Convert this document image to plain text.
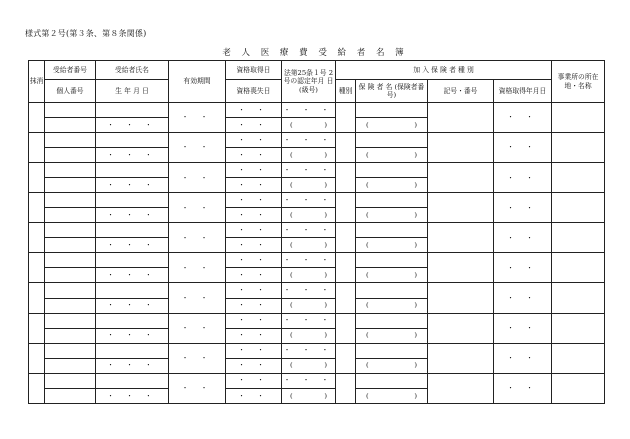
様式第２号(第３条、第８条関係)
老 人 医 療 費 受 給 者 名 簿
抹消	受給者番号	受給者氏名	有効期間	資格取得日	法第25条１号 2号の認定年月 日(級号)	加 入 保 険 者 種 別				事業所の所在地・名称
	個人番号	生 年 月 日		資格喪失日		種別	保 険 者 名 (保険者番号)	記号・番号	資格取得年月日	
			・ ・	・ ・	・ ・ ・				・ ・	
		・ ・ ・		・ ・	( )		( )			

			・ ・	・ ・	・ ・ ・				・ ・	
		・ ・ ・		・ ・	( )		( )			

			・ ・	・ ・	・ ・ ・				・ ・	
		・ ・ ・		・ ・	( )		( )			

			・ ・	・ ・	・ ・ ・				・ ・	
		・ ・ ・		・ ・	( )		( )			

			・ ・	・ ・	・ ・ ・				・ ・	
		・ ・ ・		・ ・	( )		( )			

			・ ・	・ ・	・ ・ ・				・ ・	
		・ ・ ・		・ ・	( )		( )			

			・ ・	・ ・	・ ・ ・				・ ・	
		・ ・ ・		・ ・	( )		( )			

			・ ・	・ ・	・ ・ ・				・ ・	
		・ ・ ・		・ ・	( )		( )			

			・ ・	・ ・	・ ・ ・				・ ・	
		・ ・ ・		・ ・	( )		( )			

			・ ・	・ ・	・ ・ ・				・ ・	
		・ ・ ・		・ ・	( )		( )			
